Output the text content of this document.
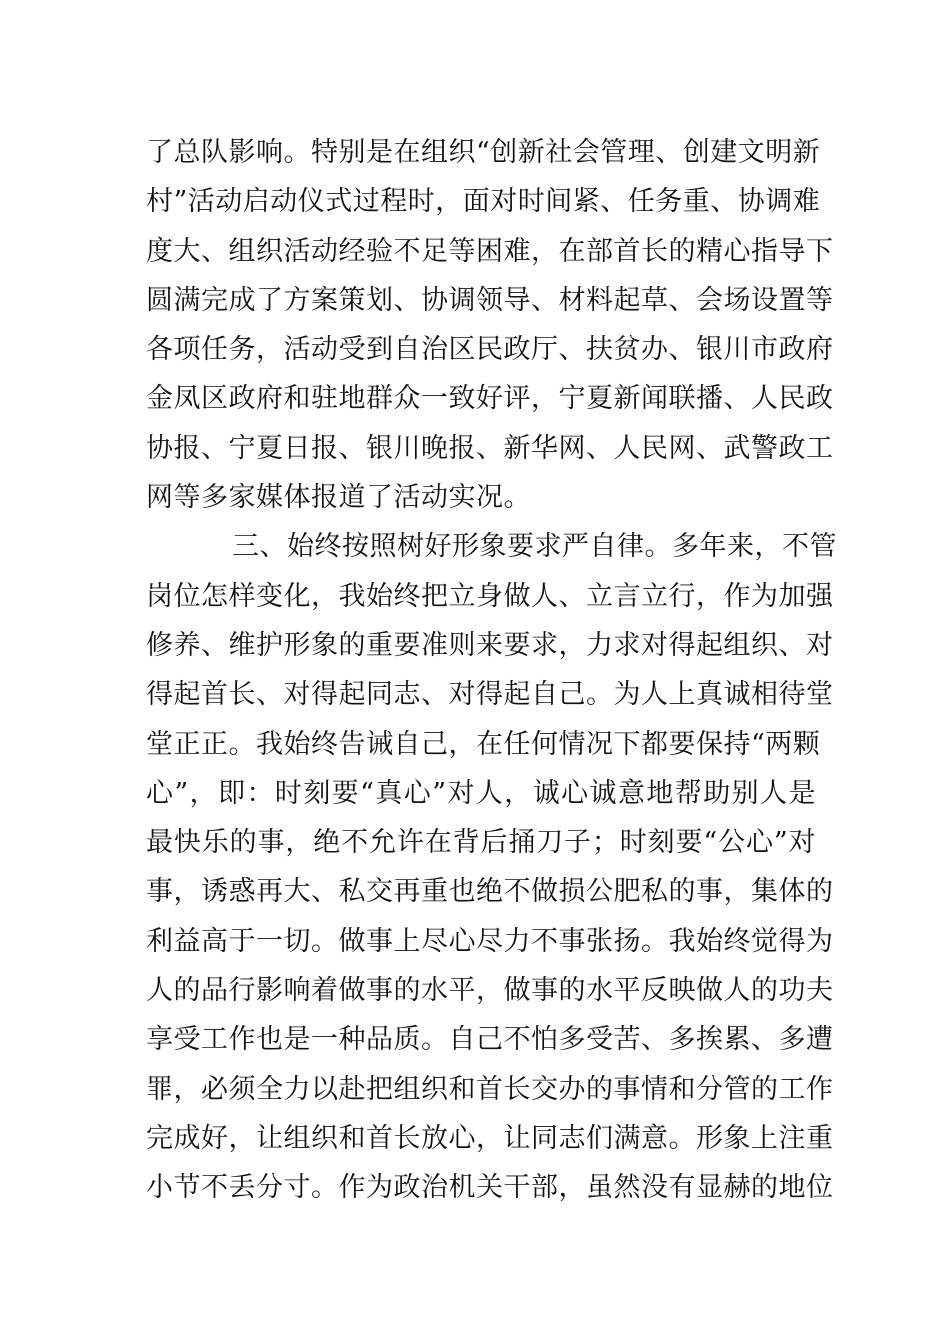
了总队影响。特别是在组织“创新社会管理、创建文明新
村”活动启动仪式过程时，面对时间紧、任务重、协调难
度大、组织活动经验不足等困难，在部首长的精心指导下
圆满完成了方案策划、协调领导、材料起草、会场设置等
各项任务，活动受到自治区民政厅、扶贫办、银川市政府
金凤区政府和驻地群众一致好评，宁夏新闻联播、人民政
协报、宁夏日报、银川晚报、新华网、人民网、武警政工
网等多家媒体报道了活动实况。
三、始终按照树好形象要求严自律。多年来，不管
岗位怎样变化，我始终把立身做人、立言立行，作为加强
修养、维护形象的重要准则来要求，力求对得起组织、对
得起首长、对得起同志、对得起自己。为人上真诚相待堂
堂正正。我始终告诫自己，在任何情况下都要保持“两颗
心”，即：时刻要“真心”对人，诚心诚意地帮助别人是
最快乐的事，绝不允许在背后捅刀子；时刻要“公心”对
事，诱惑再大、私交再重也绝不做损公肥私的事，集体的
利益高于一切。做事上尽心尽力不事张扬。我始终觉得为
人的品行影响着做事的水平，做事的水平反映做人的功夫
享受工作也是一种品质。自己不怕多受苦、多挨累、多遭
罪，必须全力以赴把组织和首长交办的事情和分管的工作
完成好，让组织和首长放心，让同志们满意。形象上注重
小节不丢分寸。作为政治机关干部，虽然没有显赫的地位
